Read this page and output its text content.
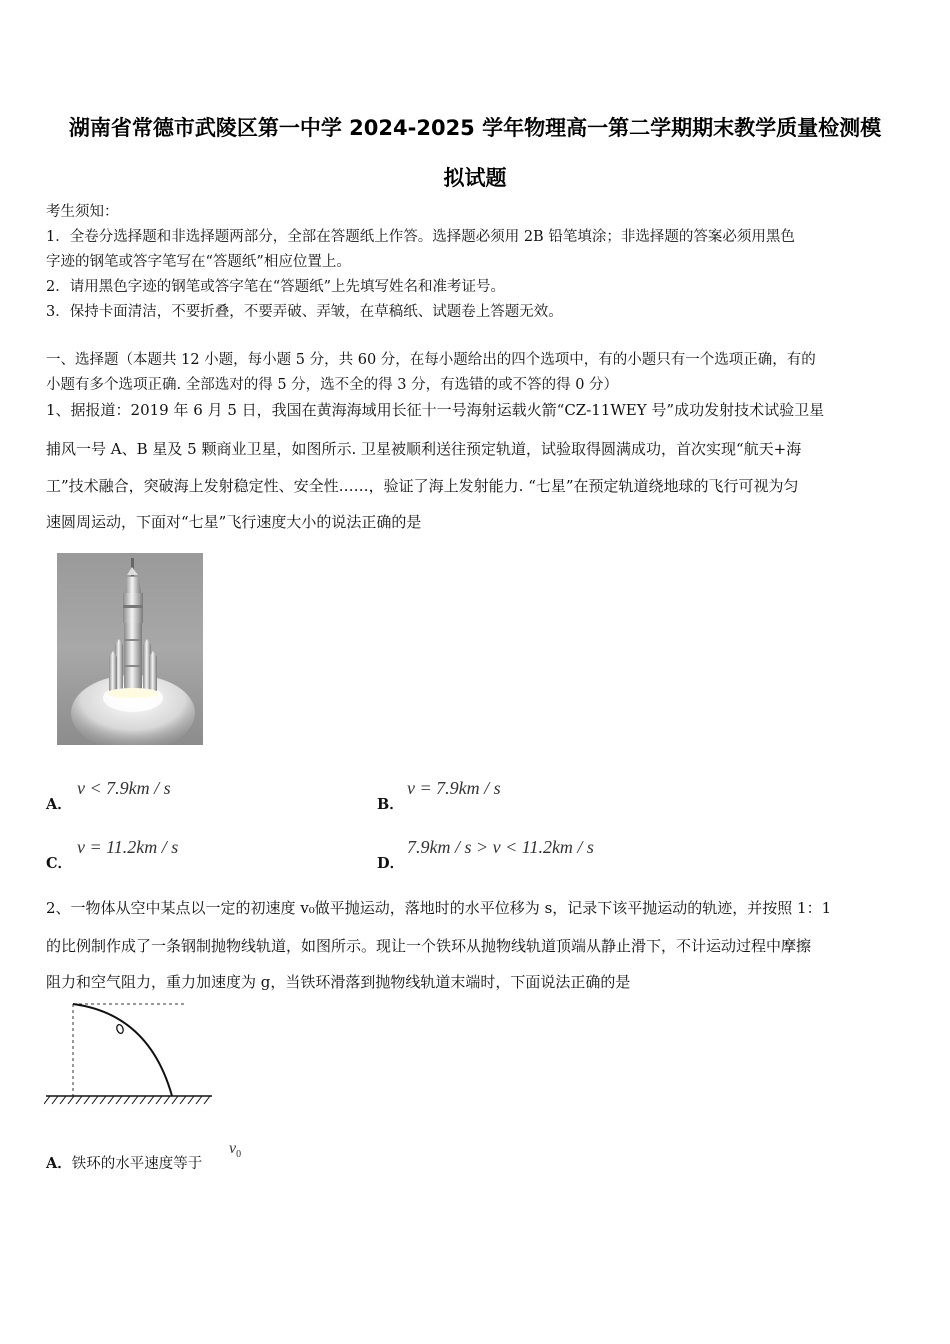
湖南省常德市武陵区第一中学 2024-2025 学年物理高一第二学期期末教学质量检测模
拟试题
考生须知：
1．全卷分选择题和非选择题两部分，全部在答题纸上作答。选择题必须用 2B 铅笔填涂；非选择题的答案必须用黑色
字迹的钢笔或答字笔写在“答题纸”相应位置上。
2．请用黑色字迹的钢笔或答字笔在“答题纸”上先填写姓名和准考证号。
3．保持卡面清洁，不要折叠，不要弄破、弄皱，在草稿纸、试题卷上答题无效。
一、选择题（本题共 12 小题，每小题 5 分，共 60 分，在每小题给出的四个选项中，有的小题只有一个选项正确，有的
小题有多个选项正确. 全部选对的得 5 分，选不全的得 3 分，有选错的或不答的得 0 分）
1、据报道：2019 年 6 月 5 日，我国在黄海海域用长征十一号海射运载火箭“CZ-11WEY 号”成功发射技术试验卫星
捕风一号 A、B 星及 5 颗商业卫星，如图所示. 卫星被顺利送往预定轨道，试验取得圆满成功，首次实现“航天+海
工”技术融合，突破海上发射稳定性、安全性……，验证了海上发射能力. “七星”在预定轨道绕地球的飞行可视为匀
速圆周运动，下面对“七星”飞行速度大小的说法正确的是
A．
v < 7.9km / s
B．
v = 7.9km / s
C．
v = 11.2km / s
D．
7.9km / s > v < 11.2km / s
2、一物体从空中某点以一定的初速度 v₀做平抛运动，落地时的水平位移为 s，记录下该平抛运动的轨迹，并按照 1：1
的比例制作成了一条钢制抛物线轨道，如图所示。现让一个铁环从抛物线轨道顶端从静止滑下，不计运动过程中摩擦
阻力和空气阻力，重力加速度为 g，当铁环滑落到抛物线轨道末端时，下面说法正确的是
A．铁环的水平速度等于
$v_0$
